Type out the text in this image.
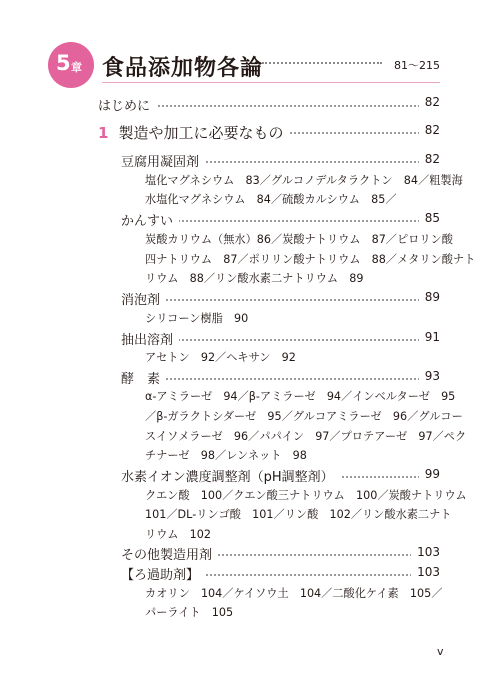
5 章 食品添加物各論	81～215
はじめに	82
1 製造や加工に必要なもの	82
豆腐用凝固剤	82
塩化マグネシウム　83／グルコノデルタラクトン　84／粗製海
水塩化マグネシウム　84／硫酸カルシウム　85／
かんすい	85
炭酸カリウム（無水）86／炭酸ナトリウム　87／ピロリン酸
四ナトリウム　87／ポリリン酸ナトリウム　88／メタリン酸ナト
リウム　88／リン酸水素二ナトリウム　89
消泡剤	89
シリコーン樹脂　90
抽出溶剤	91
アセトン　92／ヘキサン　92
酵　素	93
α-アミラーゼ　94／β-アミラーゼ　94／インベルターゼ　95
／β-ガラクトシダーゼ　95／グルコアミラーゼ　96／グルコー
スイソメラーゼ　96／パパイン　97／プロテアーゼ　97／ペク
チナーゼ　98／レンネット　98
水素イオン濃度調整剤（pH調整剤）	99
クエン酸　100／クエン酸三ナトリウム　100／炭酸ナトリウム
101／DL-リンゴ酸　101／リン酸　102／リン酸水素二ナト
リウム　102
その他製造用剤	103
【ろ過助剤】	103
カオリン　104／ケイソウ土　104／二酸化ケイ素　105／
パーライト　105
v
